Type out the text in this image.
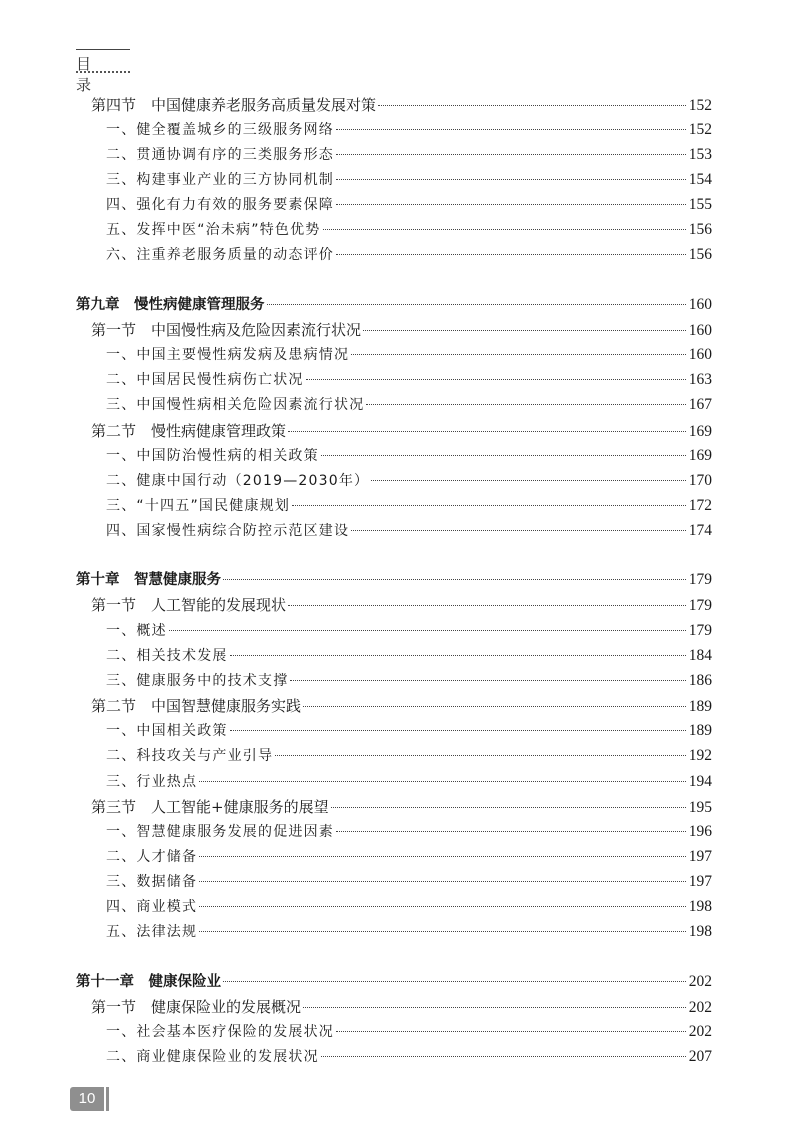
目录
第四节　中国健康养老服务高质量发展对策	152
一、健全覆盖城乡的三级服务网络	152
二、贯通协调有序的三类服务形态	153
三、构建事业产业的三方协同机制	154
四、强化有力有效的服务要素保障	155
五、发挥中医“治未病”特色优势	156
六、注重养老服务质量的动态评价	156
第九章　慢性病健康管理服务	160
第一节　中国慢性病及危险因素流行状况	160
一、中国主要慢性病发病及患病情况	160
二、中国居民慢性病伤亡状况	163
三、中国慢性病相关危险因素流行状况	167
第二节　慢性病健康管理政策	169
一、中国防治慢性病的相关政策	169
二、健康中国行动（2019—2030年）	170
三、“十四五”国民健康规划	172
四、国家慢性病综合防控示范区建设	174
第十章　智慧健康服务	179
第一节　人工智能的发展现状	179
一、概述	179
二、相关技术发展	184
三、健康服务中的技术支撑	186
第二节　中国智慧健康服务实践	189
一、中国相关政策	189
二、科技攻关与产业引导	192
三、行业热点	194
第三节　人工智能+健康服务的展望	195
一、智慧健康服务发展的促进因素	196
二、人才储备	197
三、数据储备	197
四、商业模式	198
五、法律法规	198
第十一章　健康保险业	202
第一节　健康保险业的发展概况	202
一、社会基本医疗保险的发展状况	202
二、商业健康保险业的发展状况	207
10
